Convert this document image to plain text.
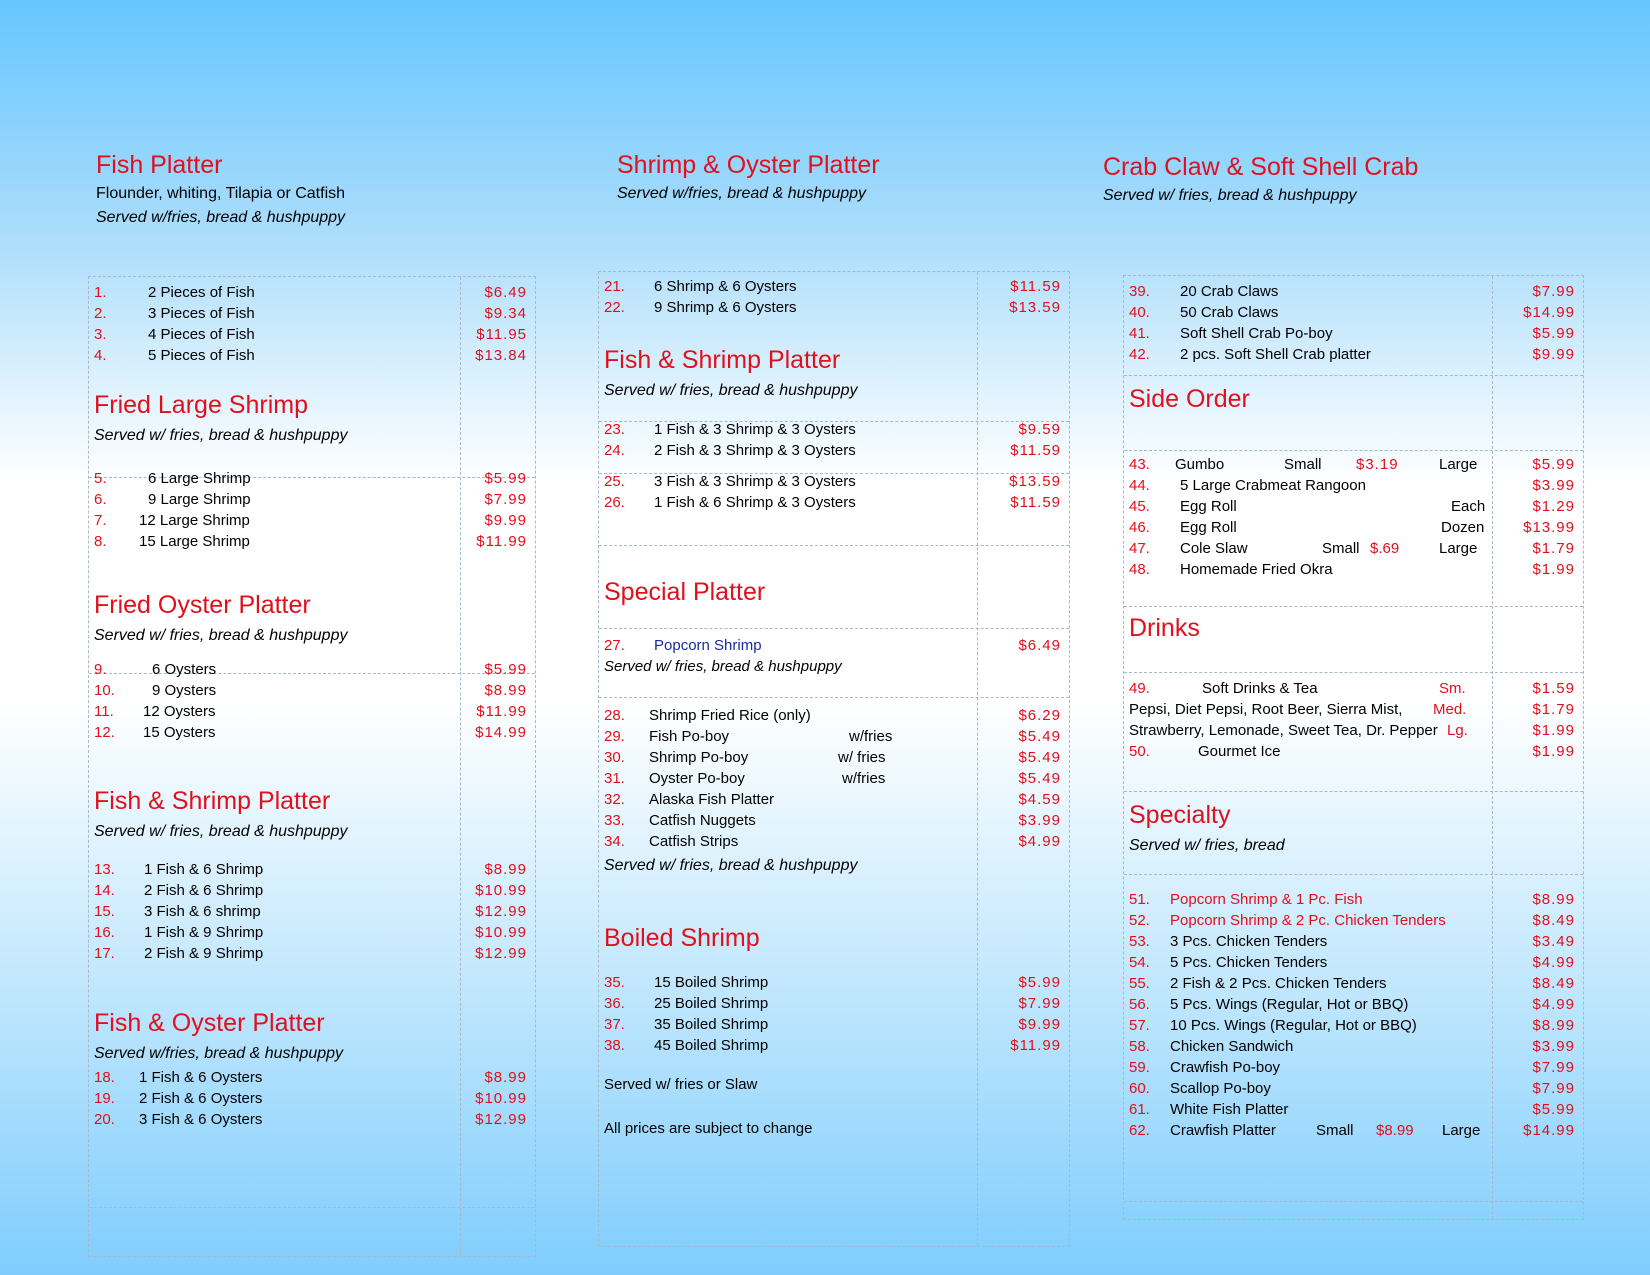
Fish Platter
Flounder, whiting, Tilapia or Catfish
Served w/fries, bread & hushpuppy
1.	2 Pieces of Fish	$6.49
2.	3 Pieces of Fish	$9.34
3.	4 Pieces of Fish	$11.95
4.	5 Pieces of Fish	$13.84
Fried Large Shrimp
Served w/ fries, bread & hushpuppy
5.	6 Large Shrimp	$5.99
6.	9 Large Shrimp	$7.99
7. 12 Large Shrimp	$9.99
8. 15 Large Shrimp	$11.99
Fried Oyster Platter
Served w/ fries, bread & hushpuppy
9.	6 Oysters	$5.99
10. 9 Oysters	$8.99
11. 12 Oysters	$11.99
12. 15 Oysters	$14.99
Fish & Shrimp Platter
Served w/ fries, bread & hushpuppy
13. 1 Fish & 6 Shrimp	$8.99
14. 2 Fish & 6 Shrimp	$10.99
15. 3 Fish & 6 shrimp	$12.99
16. 1 Fish & 9 Shrimp	$10.99
17. 2 Fish & 9 Shrimp	$12.99
Fish & Oyster Platter
Served w/fries, bread & hushpuppy
18. 1 Fish & 6 Oysters	$8.99
19. 2 Fish & 6 Oysters	$10.99
20. 3 Fish & 6 Oysters	$12.99
Shrimp & Oyster Platter
Served w/fries, bread & hushpuppy
21. 6 Shrimp & 6 Oysters	$11.59
22. 9 Shrimp & 6 Oysters	$13.59
Fish & Shrimp Platter
Served w/ fries, bread & hushpuppy
23. 1 Fish & 3 Shrimp & 3 Oysters	$9.59
24. 2 Fish & 3 Shrimp & 3 Oysters	$11.59
25. 3 Fish & 3 Shrimp & 3 Oysters	$13.59
26. 1 Fish & 6 Shrimp & 3 Oysters	$11.59
Special Platter
27. Popcorn Shrimp	$6.49
Served w/ fries, bread & hushpuppy
28. Shrimp Fried Rice (only)	$6.29
29. Fish Po-boy	w/fries	$5.49
30. Shrimp Po-boy	w/ fries	$5.49
31. Oyster Po-boy	w/fries	$5.49
32. Alaska Fish Platter	$4.59
33. Catfish Nuggets	$3.99
34. Catfish Strips	$4.99
Served w/ fries, bread & hushpuppy
Boiled Shrimp
35. 15 Boiled Shrimp	$5.99
36. 25 Boiled Shrimp	$7.99
37. 35 Boiled Shrimp	$9.99
38. 45 Boiled Shrimp	$11.99
Served w/ fries or Slaw
All prices are subject to change
Crab Claw & Soft Shell Crab
Served w/ fries, bread & hushpuppy
39. 20 Crab Claws	$7.99
40. 50 Crab Claws	$14.99
41. Soft Shell Crab Po-boy	$5.99
42. 2 pcs. Soft Shell Crab platter	$9.99
Side Order
43. Gumbo	Small $3.19	Large	$5.99
44. 5 Large Crabmeat Rangoon	$3.99
45. Egg Roll	Each	$1.29
46. Egg Roll	Dozen	$13.99
47. Cole Slaw	Small $.69	Large	$1.79
48. Homemade Fried Okra	$1.99
Drinks
49.	Soft Drinks & Tea	Sm.	$1.59
Pepsi, Diet Pepsi, Root Beer, Sierra Mist, Med.	$1.79
Strawberry, Lemonade, Sweet Tea, Dr. Pepper Lg.	$1.99
50.	Gourmet Ice	$1.99
Specialty
Served w/ fries, bread
51. Popcorn Shrimp & 1 Pc. Fish	$8.99
52. Popcorn Shrimp & 2 Pc. Chicken Tenders	$8.49
53. 3 Pcs. Chicken Tenders	$3.49
54. 5 Pcs. Chicken Tenders	$4.99
55. 2 Fish & 2 Pcs. Chicken Tenders	$8.49
56. 5 Pcs. Wings (Regular, Hot or BBQ)	$4.99
57. 10 Pcs. Wings (Regular, Hot or BBQ)	$8.99
58. Chicken Sandwich	$3.99
59. Crawfish Po-boy	$7.99
60. Scallop Po-boy	$7.99
61. White Fish Platter	$5.99
62. Crawfish Platter	Small $8.99 Large	$14.99
